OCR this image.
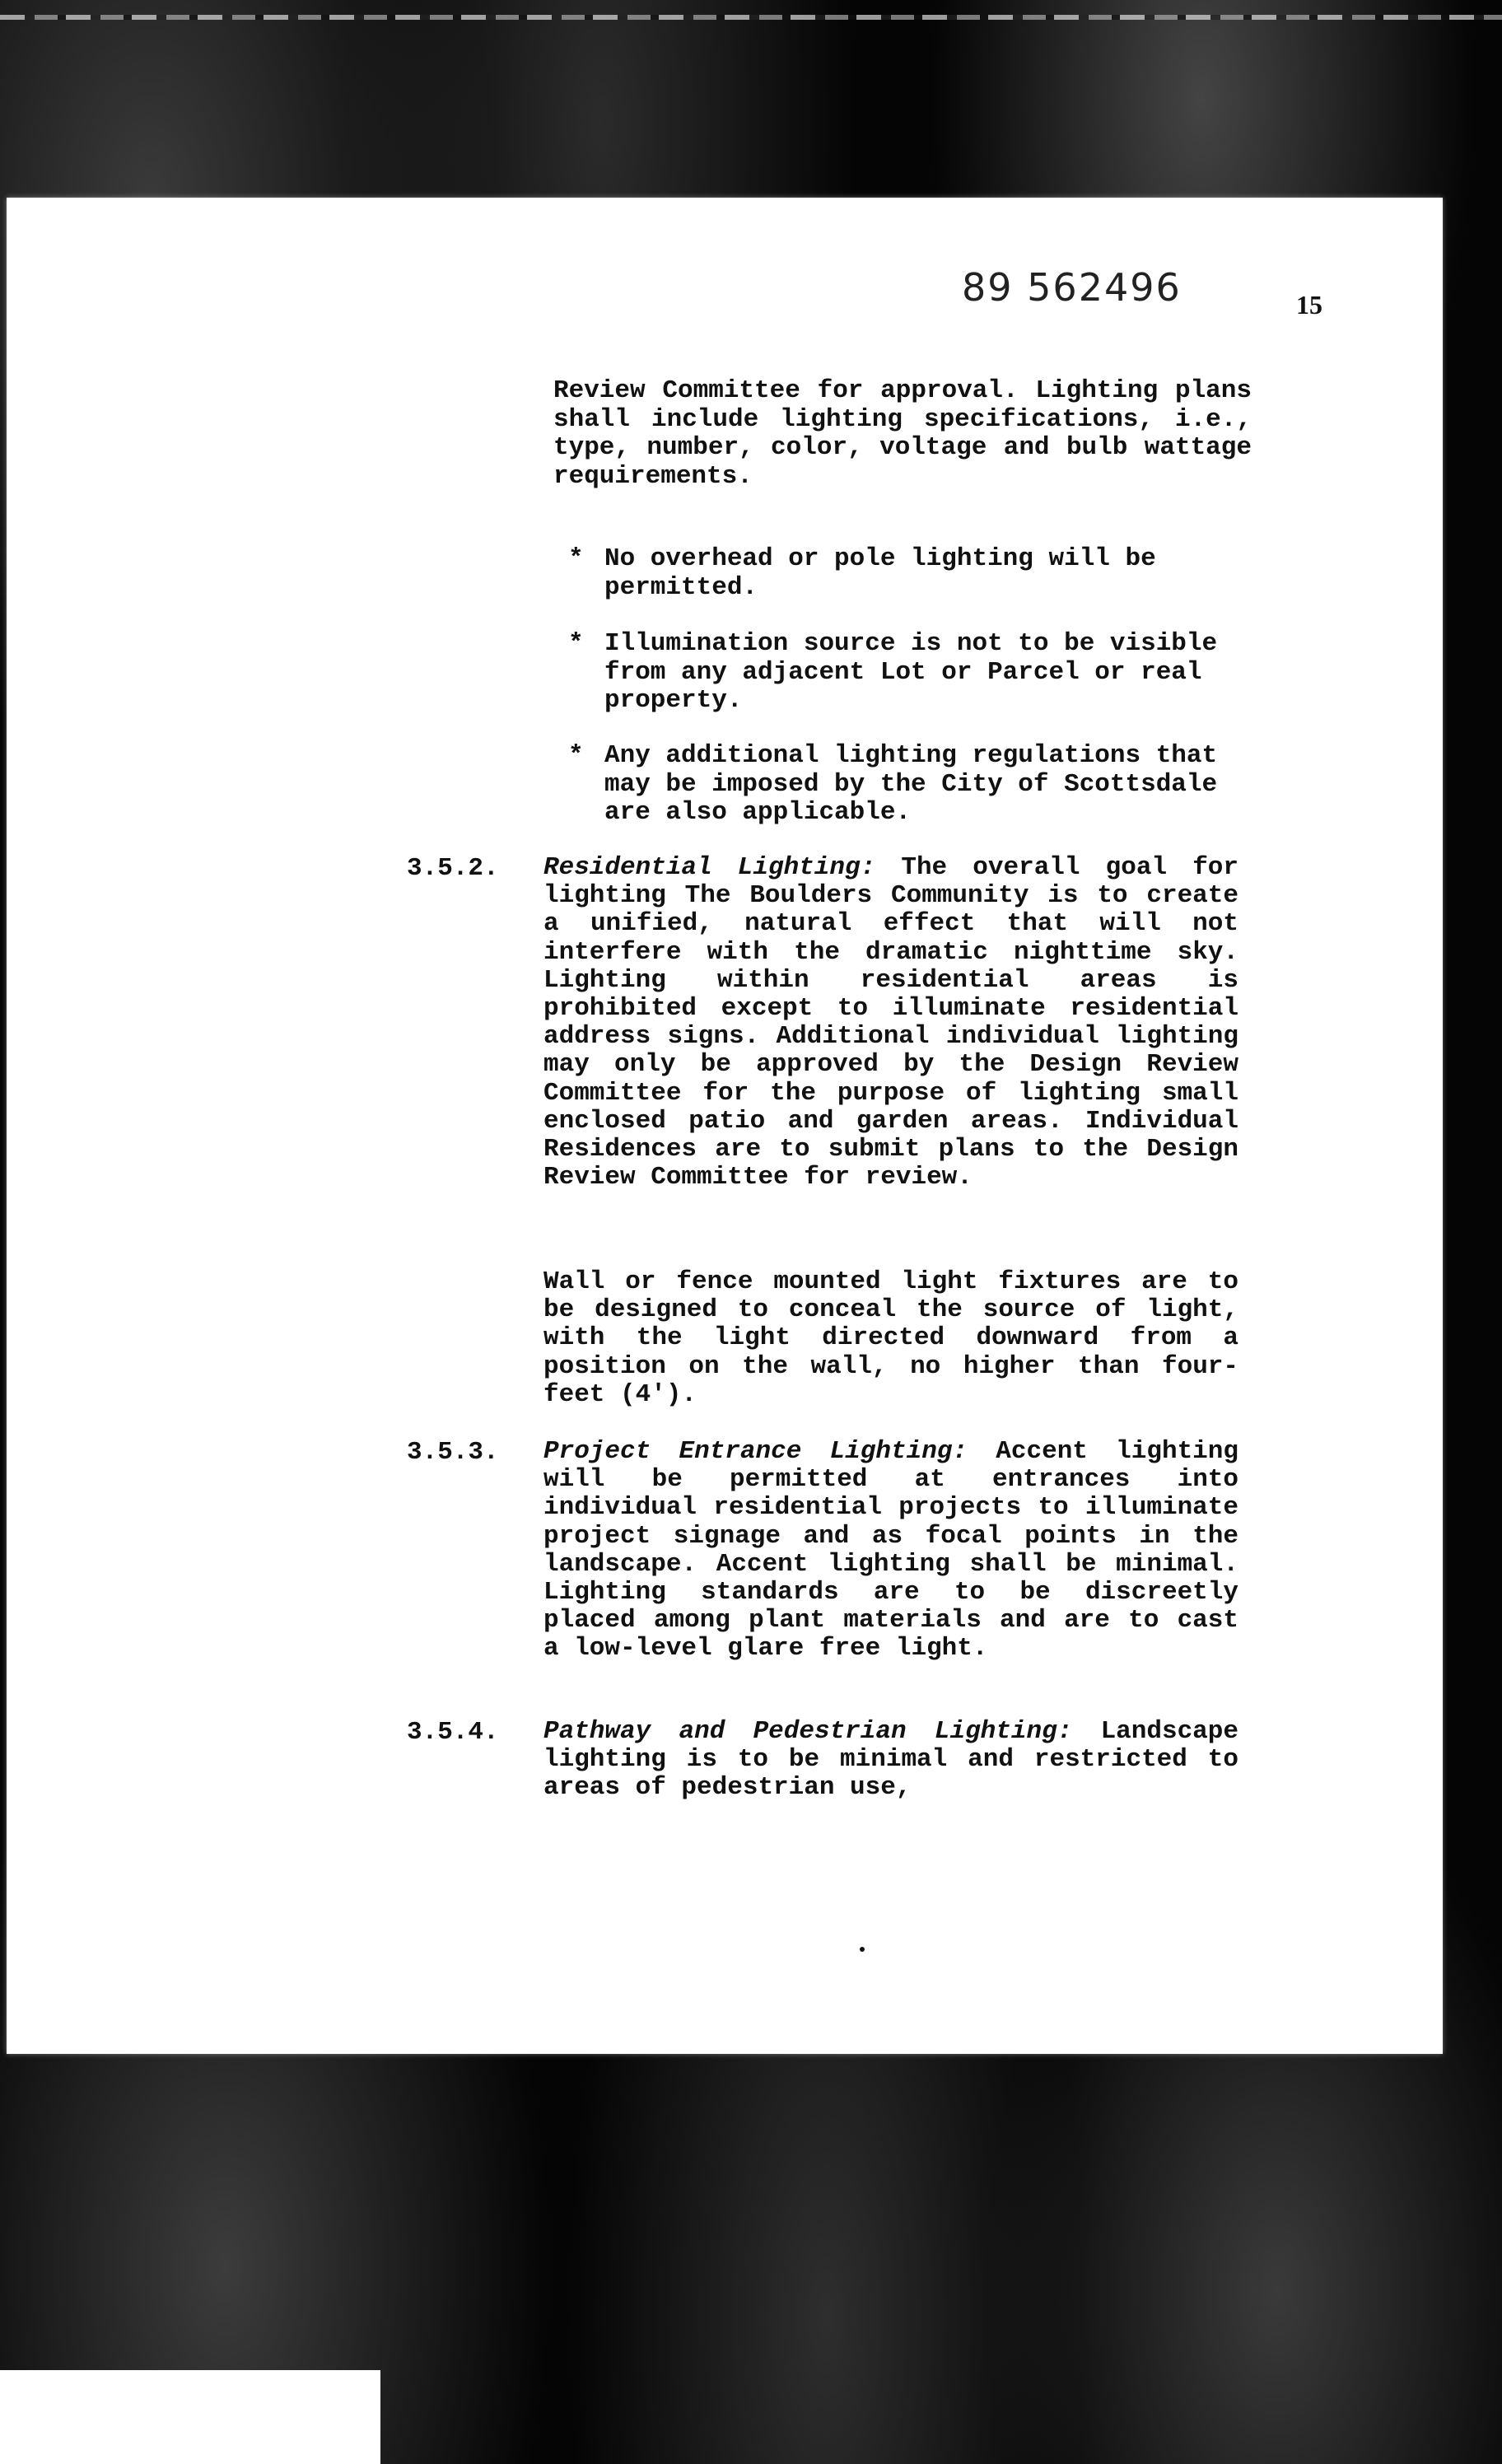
89 562496	15
Review Committee for approval. Lighting plans shall include lighting specifications, i.e., type, number, color, voltage and bulb wattage requirements.
* No overhead or pole lighting will be permitted.
* Illumination source is not to be visible from any adjacent Lot or Parcel or real property.
* Any additional lighting regulations that may be imposed by the City of Scottsdale are also applicable.
3.5.2. Residential Lighting: The overall goal for lighting The Boulders Community is to create a unified, natural effect that will not interfere with the dramatic nighttime sky. Lighting within residential areas is prohibited except to illuminate residential address signs. Additional individual lighting may only be approved by the Design Review Committee for the purpose of lighting small enclosed patio and garden areas. Individual Residences are to submit plans to the Design Review Committee for review.
Wall or fence mounted light fixtures are to be designed to conceal the source of light, with the light directed downward from a position on the wall, no higher than four-feet (4').
3.5.3. Project Entrance Lighting: Accent lighting will be permitted at entrances into individual residential projects to illuminate project signage and as focal points in the landscape. Accent lighting shall be minimal. Lighting standards are to be discreetly placed among plant materials and are to cast a low-level glare free light.
3.5.4. Pathway and Pedestrian Lighting: Landscape lighting is to be minimal and restricted to areas of pedestrian use,
